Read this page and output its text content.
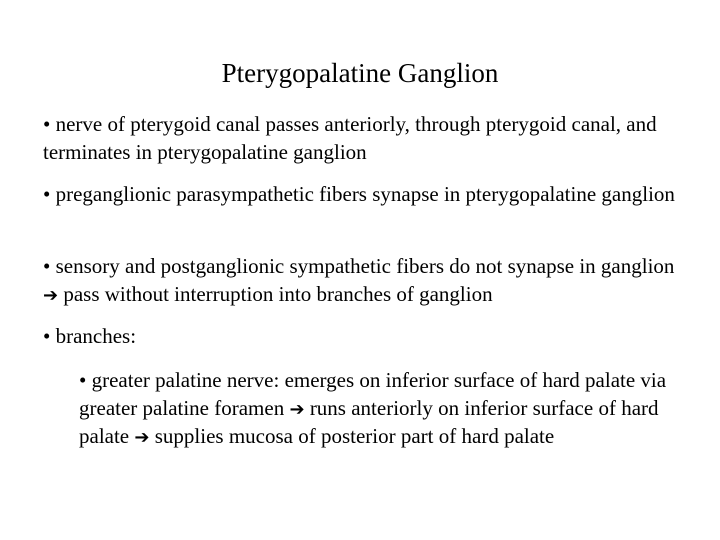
Pterygopalatine Ganglion
• nerve of pterygoid canal passes anteriorly, through pterygoid canal, and terminates in pterygopalatine ganglion
• preganglionic parasympathetic fibers synapse in pterygopalatine ganglion
• sensory and postganglionic sympathetic fibers do not synapse in ganglion ➔ pass without interruption into branches of ganglion
• branches:
• greater palatine nerve: emerges on inferior surface of hard palate via greater palatine foramen ➔ runs anteriorly on inferior surface of hard palate ➔ supplies mucosa of posterior part of hard palate
